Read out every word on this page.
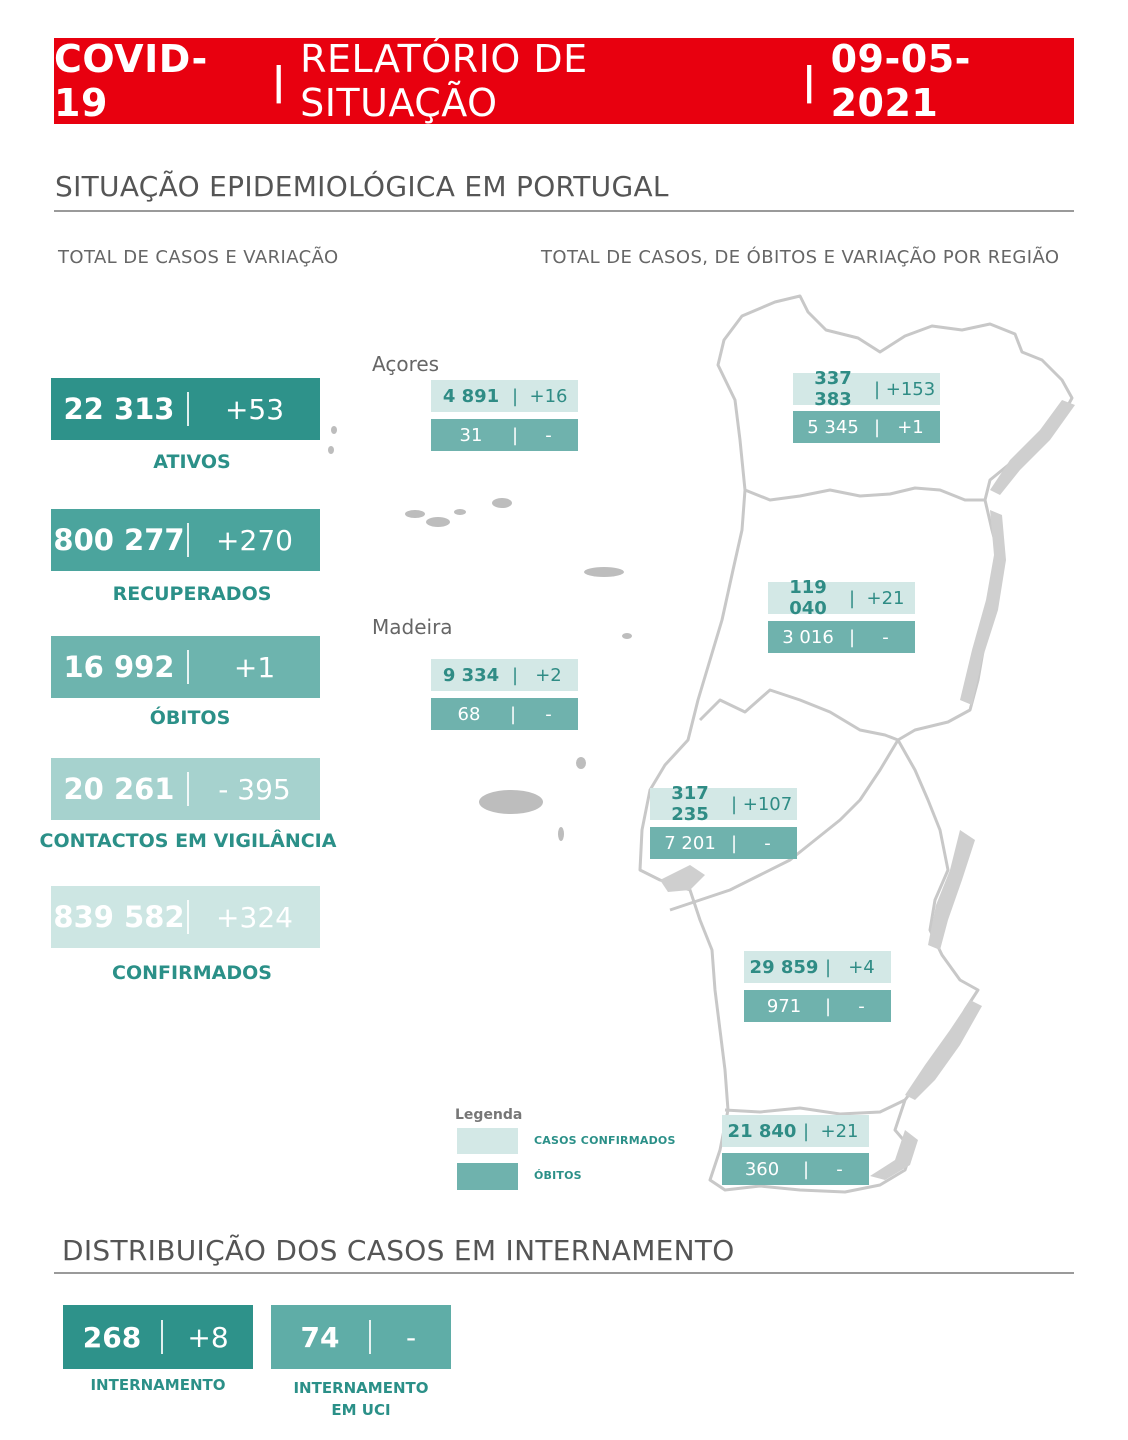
COVID-19	| RELATÓRIO DE SITUAÇÃO	| 09-05-2021
SITUAÇÃO EPIDEMIOLÓGICA EM PORTUGAL
TOTAL DE CASOS E VARIAÇÃO	TOTAL DE CASOS, DE ÓBITOS E VARIAÇÃO POR REGIÃO
22 313	+53
ATIVOS
800 277	+270
RECUPERADOS
16 992	+1
ÓBITOS
20 261	- 395
CONTACTOS EM VIGILÂNCIA
839 582	+324
CONFIRMADOS
Açores
Madeira
4 891 | +16
31	|	-
9 334 | +2
68	|	-
337 383	| +153
5 345 | +1
119 040	| +21
3 016 |	-
317 235	| +107
7 201 |	-
29 859 | +4
971	|	-
21 840 | +21
360	|	-
Legenda
CASOS CONFIRMADOS
ÓBITOS
DISTRIBUIÇÃO DOS CASOS EM INTERNAMENTO
268	+8
INTERNAMENTO
74	-
INTERNAMENTO
EM UCI
